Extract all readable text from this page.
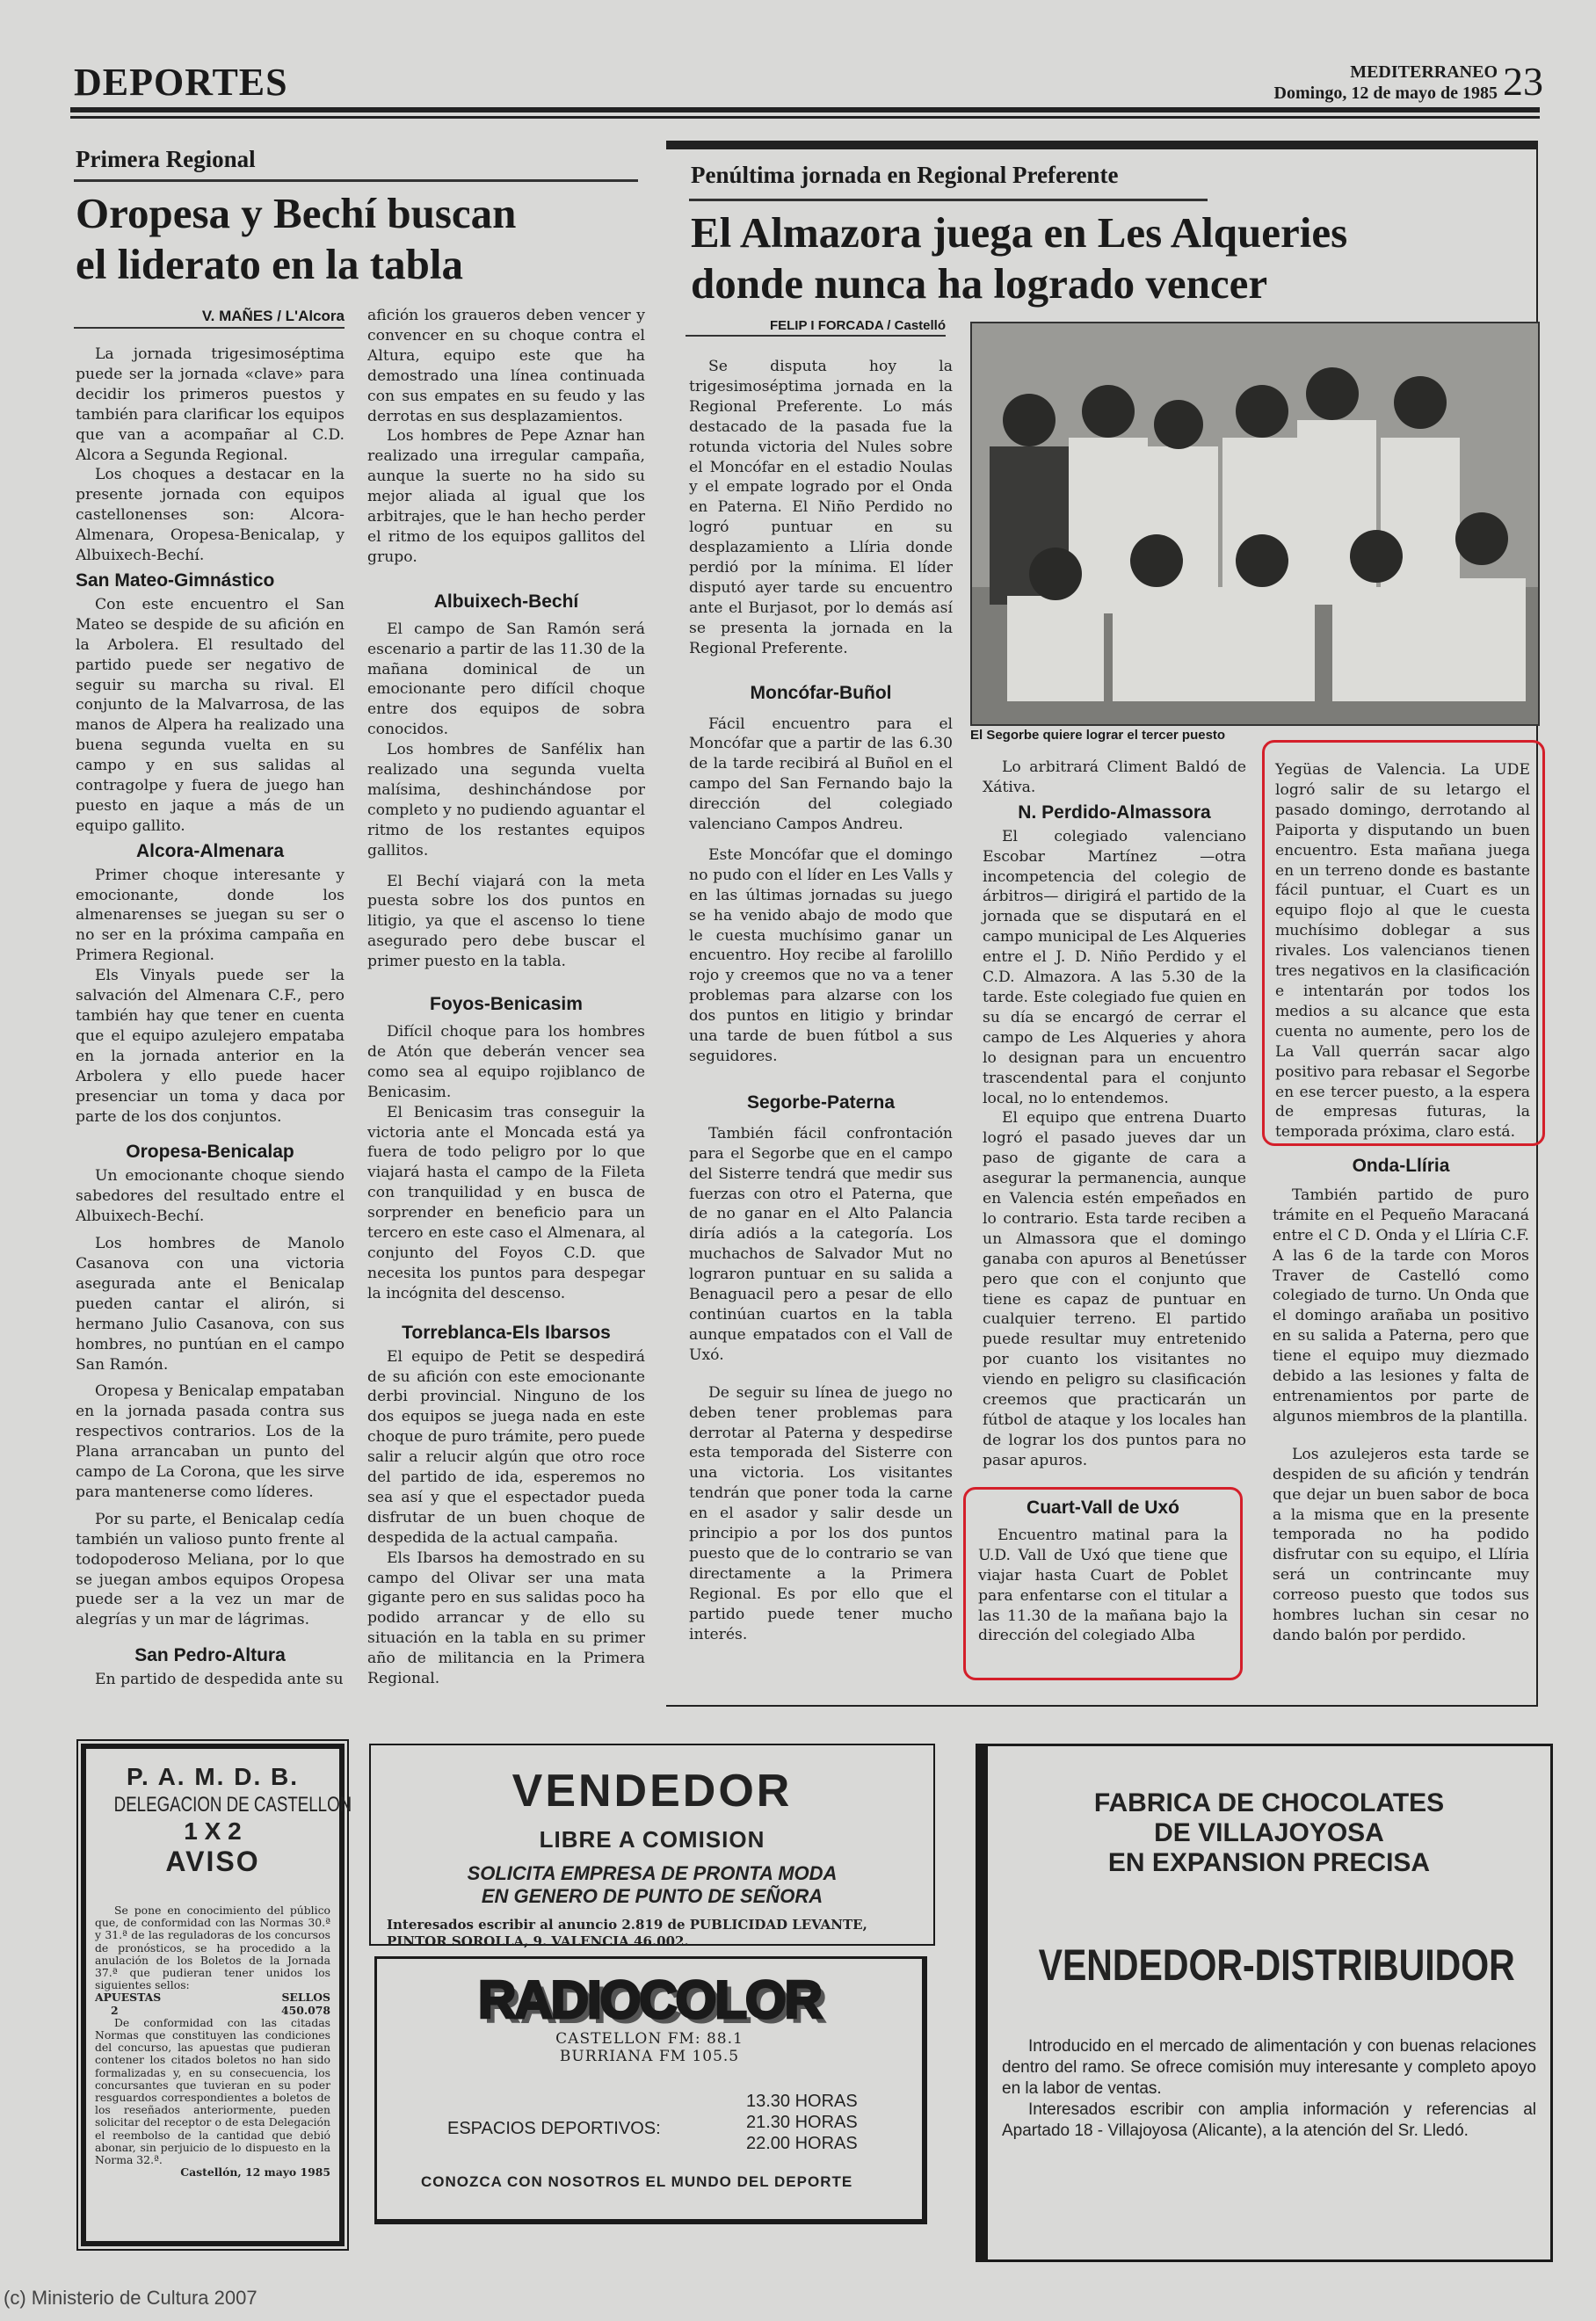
DEPORTES	MEDITERRANEO
Domingo, 12 de mayo de 1985 23
Primera Regional
Oropesa y Bechí buscan
el liderato en la tabla
V. MAÑES / L'Alcora

La jornada trigesimoséptima puede ser la jornada «clave» para decidir los primeros puestos y también para clarificar los equipos que van a acompañar al C.D. Alcora a Segunda Regional.

Los choques a destacar en la presente jornada con equipos castellonenses son: Alcora-Almenara, Oropesa-Benicalap, y Albuixech-Bechí.

San Mateo-Gimnástico

Con este encuentro el San Mateo se despide de su afición en la Arbolera. El resultado del partido puede ser negativo de seguir su marcha su rival. El conjunto de la Malvarrosa, de las manos de Alpera ha realizado una buena segunda vuelta en su campo y en sus salidas al contragolpe y fuera de juego han puesto en jaque a más de un equipo gallito.

Alcora-Almenara

Primer choque interesante y emocionante, donde los almenarenses se juegan su ser o no ser en la próxima campaña en Primera Regional.

Els Vinyals puede ser la salvación del Almenara C.F., pero también hay que tener en cuenta que el equipo azulejero empataba en la jornada anterior en la Arbolera y ello puede hacer presenciar un toma y daca por parte de los dos conjuntos.

Oropesa-Benicalap

Un emocionante choque siendo sabedores del resultado entre el Albuixech-Bechí.

Los hombres de Manolo Casanova con una victoria asegurada ante el Benicalap pueden cantar el alirón, si hermano Julio Casanova, con sus hombres, no puntúan en el campo San Ramón.

Oropesa y Benicalap empataban en la jornada pasada contra sus respectivos contrarios. Los de la Plana arrancaban un punto del campo de La Corona, que les sirve para mantenerse como líderes.

Por su parte, el Benicalap cedía también un valioso punto frente al todopoderoso Meliana, por lo que se juegan ambos equipos Oropesa puede ser a la vez un mar de alegrías y un mar de lágrimas.

San Pedro-Altura

En partido de despedida ante su

afición los graueros deben vencer y convencer en su choque contra el Altura, equipo este que ha demostrado una línea continuada con sus empates en su feudo y las derrotas en sus desplazamientos.

Los hombres de Pepe Aznar han realizado una irregular campaña, aunque la suerte no ha sido su mejor aliada al igual que los arbitrajes, que le han hecho perder el ritmo de los equipos gallitos del grupo.

Albuixech-Bechí

El campo de San Ramón será escenario a partir de las 11.30 de la mañana dominical de un emocionante pero difícil choque entre dos equipos de sobra conocidos.

Los hombres de Sanfélix han realizado una segunda vuelta malísima, deshinchándose por completo y no pudiendo aguantar el ritmo de los restantes equipos gallitos.

El Bechí viajará con la meta puesta sobre los dos puntos en litigio, ya que el ascenso lo tiene asegurado pero debe buscar el primer puesto en la tabla.

Foyos-Benicasim

Difícil choque para los hombres de Atón que deberán vencer sea como sea al equipo rojiblanco de Benicasim.

El Benicasim tras conseguir la victoria ante el Moncada está ya fuera de todo peligro por lo que viajará hasta el campo de la Fileta con tranquilidad y en busca de sorprender en beneficio para un tercero en este caso el Almenara, al conjunto del Foyos C.D. que necesita los puntos para despegar la incógnita del descenso.

Torreblanca-Els Ibarsos

El equipo de Petit se despedirá de su afición con este emocionante derbi provincial. Ninguno de los dos equipos se juega nada en este choque de puro trámite, pero puede salir a relucir algún que otro roce del partido de ida, esperemos no sea así y que el espectador pueda disfrutar de un buen choque de despedida de la actual campaña.

Els Ibarsos ha demostrado en su campo del Olivar ser una mata gigante pero en sus salidas poco ha podido arrancar y de ello su situación en la tabla en su primer año de militancia en la Primera Regional.

Penúltima jornada en Regional Preferente
El Almazora juega en Les Alqueries
donde nunca ha logrado vencer
FELIP I FORCADA / Castelló
El Segorbe quiere lograr el tercer puesto

Se disputa hoy la trigesimoséptima jornada en la Regional Preferente. Lo más destacado de la pasada fue la rotunda victoria del Nules sobre el Moncófar en el estadio Noulas y el empate logrado por el Onda en Paterna. El Niño Perdido no logró puntuar en su desplazamiento a Llíria donde perdió por la mínima. El líder disputó ayer tarde su encuentro ante el Burjasot, por lo demás así se presenta la jornada en la Regional Preferente.

Moncófar-Buñol

Fácil encuentro para el Moncófar que a partir de las 6.30 de la tarde recibirá al Buñol en el campo del San Fernando bajo la dirección del colegiado valenciano Campos Andreu.

Este Moncófar que el domingo no pudo con el líder en Les Valls y en las últimas jornadas su juego se ha venido abajo de modo que le cuesta muchísimo ganar un encuentro. Hoy recibe al farolillo rojo y creemos que no va a tener problemas para alzarse con los dos puntos en litigio y brindar una tarde de buen fútbol a sus seguidores.

Segorbe-Paterna

También fácil confrontación para el Segorbe que en el campo del Sisterre tendrá que medir sus fuerzas con otro el Paterna, que de no ganar en el Alto Palancia diría adiós a la categoría. Los muchachos de Salvador Mut no lograron puntuar en su salida a Benaguacil pero a pesar de ello continúan cuartos en la tabla aunque empatados con el Vall de Uxó.

De seguir su línea de juego no deben tener problemas para derrotar al Paterna y despedirse esta temporada del Sisterre con una victoria. Los visitantes tendrán que poner toda la carne en el asador y salir desde un principio a por los dos puntos puesto que de lo contrario se van directamente a la Primera Regional. Es por ello que el partido puede tener mucho interés.

Lo arbitrará Climent Baldó de Xátiva.

N. Perdido-Almassora

El colegiado valenciano Escobar Martínez —otra incompetencia del colegio de árbitros— dirigirá el partido de la jornada que se disputará en el campo municipal de Les Alqueries entre el J. D. Niño Perdido y el C.D. Almazora. A las 5.30 de la tarde. Este colegiado fue quien en su día se encargó de cerrar el campo de Les Alqueries y ahora lo designan para un encuentro trascendental para el conjunto local, no lo entendemos.

El equipo que entrena Duarto logró el pasado jueves dar un paso de gigante de cara a asegurar la permanencia, aunque en Valencia estén empeñados en lo contrario. Esta tarde reciben a un Almassora que el domingo ganaba con apuros al Benetússer pero que con el conjunto que tiene es capaz de puntuar en cualquier terreno. El partido puede resultar muy entretenido por cuanto los visitantes no viendo en peligro su clasificación creemos que practicarán un fútbol de ataque y los locales han de lograr los dos puntos para no pasar apuros.

Cuart-Vall de Uxó

Encuentro matinal para la U.D. Vall de Uxó que tiene que viajar hasta Cuart de Poblet para enfentarse con el titular a las 11.30 de la mañana bajo la dirección del colegiado Alba

Yegüas de Valencia. La UDE logró salir de su letargo el pasado domingo, derrotando al Paiporta y disputando un buen encuentro. Esta mañana juega en un terreno donde es bastante fácil puntuar, el Cuart es un equipo flojo al que le cuesta muchísimo doblegar a sus rivales. Los valencianos tienen tres negativos en la clasificación e intentarán por todos los medios a su alcance que esta cuenta no aumente, pero los de La Vall querrán sacar algo positivo para rebasar el Segorbe en ese tercer puesto, a la espera de empresas futuras, la temporada próxima, claro está.

Onda-Llíria

También partido de puro trámite en el Pequeño Maracaná entre el C D. Onda y el Llíria C.F. A las 6 de la tarde con Moros Traver de Castelló como colegiado de turno. Un Onda que el domingo arañaba un positivo en su salida a Paterna, pero que tiene el equipo muy diezmado debido a las lesiones y falta de entrenamientos por parte de algunos miembros de la plantilla.

Los azulejeros esta tarde se despiden de su afición y tendrán que dejar un buen sabor de boca a la misma que en la presente temporada no ha podido disfrutar con su equipo, el Llíria será un contrincante muy correoso puesto que todos sus hombres luchan sin cesar no dando balón por perdido.

P. A. M. D. B.
DELEGACION DE CASTELLON
1 X 2
AVISO

Se pone en conocimiento del público que, de conformidad con las Normas 30.ª y 31.ª de las reguladoras de los concursos de pronósticos, se ha procedido a la anulación de los Boletos de la Jornada 37.ª que pudieran tener unidos los siguientes sellos:

APUESTAS	SELLOS
2	450.078

De conformidad con las citadas Normas que constituyen las condiciones del concurso, las apuestas que pudieran contener los citados boletos no han sido formalizadas y, en su consecuencia, los concursantes que tuvieran en su poder resguardos correspondientes a boletos de los reseñados anteriormente, pueden solicitar del receptor o de esta Delegación el reembolso de la cantidad que debió abonar, sin perjuicio de lo dispuesto en la Norma 32.ª.

Castellón, 12 mayo 1985
VENDEDOR
LIBRE A COMISION
SOLICITA EMPRESA DE PRONTA MODA
EN GENERO DE PUNTO DE SEÑORA
Interesados escribir al anuncio 2.819 de PUBLICIDAD LEVANTE,
PINTOR SOROLLA, 9. VALENCIA 46.002.
RADIOCOLOR
CASTELLON FM: 88.1
BURRIANA FM 105.5
ESPACIOS DEPORTIVOS:
13.30 HORAS
21.30 HORAS
22.00 HORAS
CONOZCA CON NOSOTROS EL MUNDO DEL DEPORTE
FABRICA DE CHOCOLATES
DE VILLAJOYOSA
EN EXPANSION PRECISA
VENDEDOR-DISTRIBUIDOR

Introducido en el mercado de alimentación y con buenas relaciones dentro del ramo. Se ofrece comisión muy interesante y completo apoyo en la labor de ventas.

Interesados escribir con amplia información y referencias al Apartado 18 - Villajoyosa (Alicante), a la atención del Sr. Lledó.

(c) Ministerio de Cultura 2007
